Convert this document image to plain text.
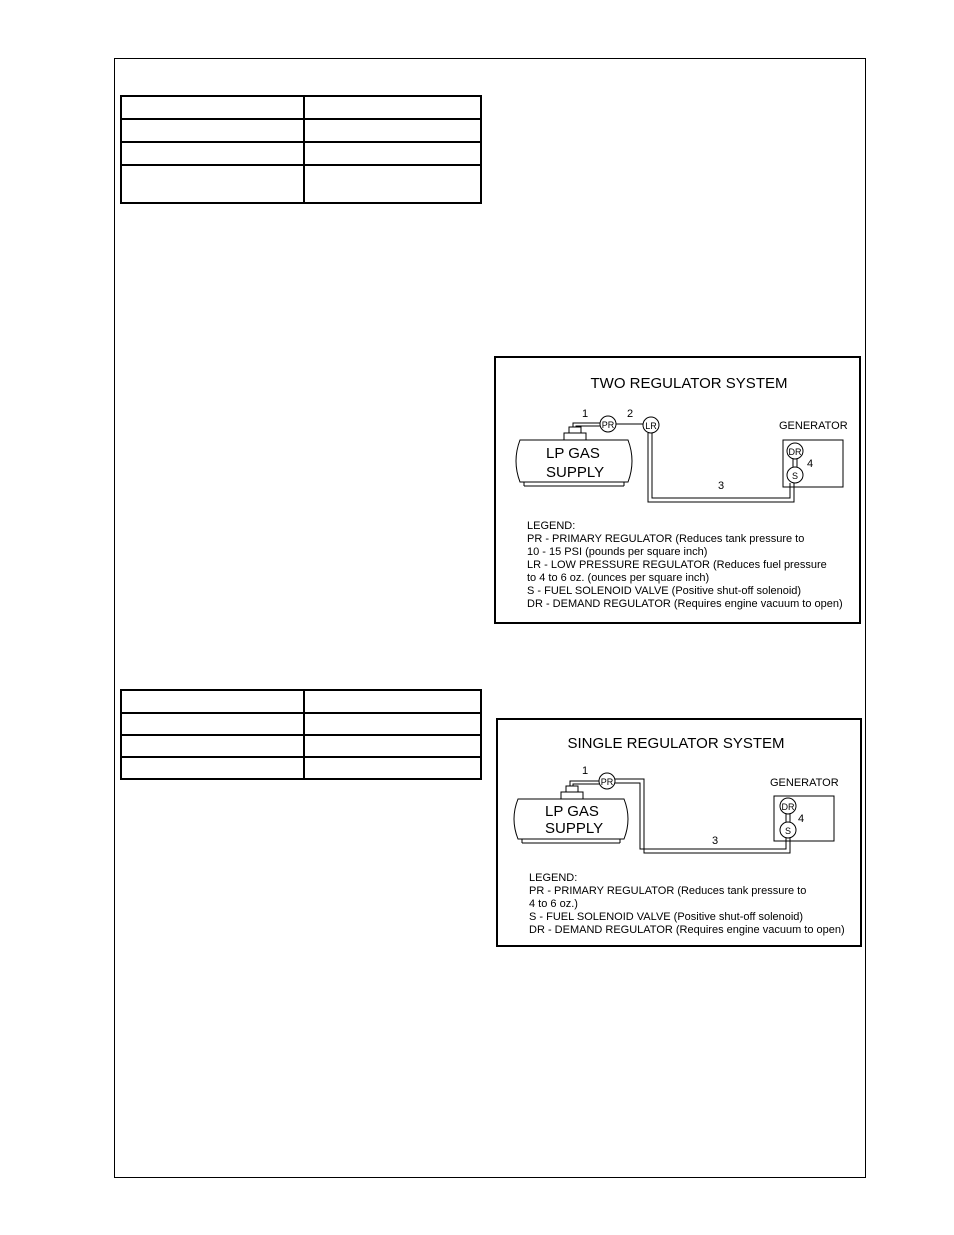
TWO REGULATOR SYSTEM
LP GAS
SUPPLY
1
PR
2
LR
3
GENERATOR
DR
S
4
LEGEND:
PR - PRIMARY REGULATOR (Reduces tank pressure to
10 - 15 PSI (pounds per square inch)
LR - LOW PRESSURE REGULATOR (Reduces fuel pressure
to 4 to 6 oz. (ounces per square inch)
S - FUEL SOLENOID VALVE (Positive shut-off solenoid)
DR - DEMAND REGULATOR (Requires engine vacuum to open)
SINGLE REGULATOR SYSTEM
LP GAS
SUPPLY
1
PR
3
GENERATOR
DR
S
4
LEGEND:
PR - PRIMARY REGULATOR (Reduces tank pressure to
4 to 6 oz.)
S - FUEL SOLENOID VALVE (Positive shut-off solenoid)
DR - DEMAND REGULATOR (Requires engine vacuum to open)
